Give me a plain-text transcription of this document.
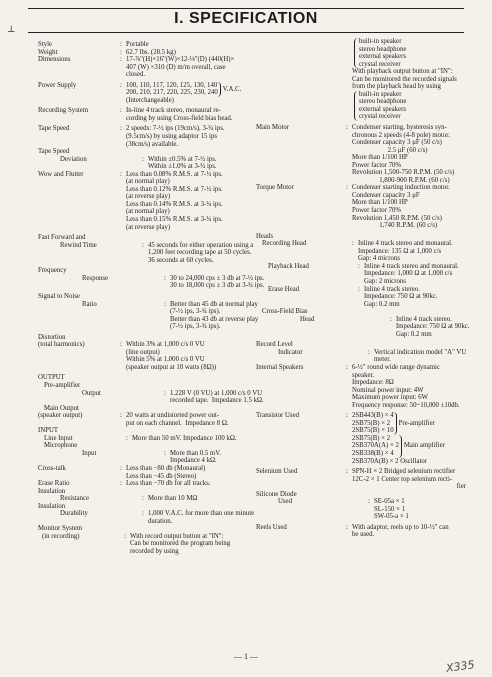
⊥
I. SPECIFICATION
Style	: Portable
Weight	: 62.7 lbs. (28.5 kg)
Dimensions	: 17-⅞"(H)×16"(W)×12-⅛"(D) (440(H)×
407 (W) ×310 (D) m/m overall, case
closed.
Power Supply	: 100, 110, 117, 120, 125, 130, 140
200, 210, 217, 220, 225, 230, 240
V.A.C.
(Interchangeable)
Recording System	: In-line 4 track stereo, monaural re-
cording by using Cross-field bias head.
Tape Speed	: 2 speeds: 7-½ ips (19cm/s), 3-¾ ips.
(9.5cm/s) by using adaptor 15 ips
(38cm/s) available.
Tape Speed
Deviation	: Within ±0.5% at 7-½ ips.
Within ±1.0% at 3-¾ ips.
Wow and Flutter	: Less than 0.08% R.M.S. at 7-½ ips.
(at normal play)
Less than 0.12% R.M.S. at 7-½ ips.
(at reverse play)
Less than 0.14% R.M.S. at 3-¾ ips.
(at normal play)
Less than 0.15% R.M.S. at 3-¾ ips.
(at reverse play)
Fast Forward and
Rewind Time	: 45 seconds for either operation using a
1,200 feet recording tape at 50 cycles.
36 seconds at 60 cycles.
Frequency
Response	: 30 to 24,000 cps ± 3 db at 7-½ ips.
30 to 18,000 cps ± 3 db at 3-¾ ips.
Signal to Noise
Ratio	: Better than 45 db at normal play
(7-½ ips, 3-¾ ips).
Better than 43 db at reverse play
(7-½ ips, 3-¾ ips).
Distortion
(total harmonics)	: Within 3% at 1,000 c/s 0 VU
(line output)
Within 5% at 1,000 c/s 0 VU
(speaker output at 10 watts (8Ω))
OUTPUT
Pre-amplifier
Output	: 1.228 V (0 VU) at 1,000 c/s 0 VU
recorded tape.  Impedance 1.5 kΩ.
Main Output
(speaker output)	: 20 watts at undistorted power out-
put on each channel.  Impedance 8 Ω.
INPUT
Line Input	: More than 50 mV. Impedance 100 kΩ.
Microphone
Input	: More than 0.5 mV. Impedance 4 kΩ.
Cross-talk	: Less than −80 db (Monaural)
Less than −45 db (Stereo)
Erase Ratio	: Less than −70 db for all tracks.
Insulation
Resistance	: More than 10 MΩ
Insulation
Durability	: 1,000 V.A.C. for more than one minute
duration.
Monitor System
(in recording)	: With record output button at "IN":
Can be monitored the program being
recorded by using
built-in speaker
stereo headphone
external speakers
crystal receiver
With playback output button at "IN":
Can be monitored the recorded signals
from the playback head by using
built-in speaker
stereo headphone
external speakers
crystal receiver
Main Motor	: Condenser starting, hysteresis syn-
chronous 2 speeds (4-8 pole) motor.
Condenser capacity 3 μF (50 c/s)
2.5 μF (60 c/s)
More than 1/100 HP
Power factor 70%
Revolution 1,500-750 R.P.M. (50 c/s)
1,800-900 R.P.M. (60 c/s)
Torque Motor	: Condenser starting induction motor.
Condenser capacity 3 μF
More than 1/100 HP
Power factor 70%
Revolution 1,450 R.P.M. (50 c/s)
1,740 R.P.M. (60 c/s)
Heads
Recording Head	: Inline 4 track stereo and monaural.
Impedance: 135 Ω at 1,000 c/s
Gap: 4 microns
Playback Head	: Inline 4 track stereo and monaural.
Impedance: 1,000 Ω at 1,000 c/s
Gap: 2 microns
Erase Head	: Inline 4 track stereo.
Impedance: 750 Ω at 90kc.
Gap: 0.2 mm
Cross-Field Bias
Head	: Inline 4 track stereo.
Impedance: 750 Ω at 90kc.
Gap: 0.2 mm
Record Level
Indicator	: Vertical indication model "A" VU
meter.
Internal Speakers	: 6-½" round wide range dynamic
speaker.
Impedance: 8Ω
Nominal power input: 4W
Maximum power input: 6W
Frequency response: 50~10,000 ±10db.
Transistor Used	: 2SB443(B) × 4
2SB75(B) × 2
2SB75(B) × 10
Pre-amplifier
2SB75(B) × 2
2SB370A(A) × 2
2SB338(B) × 4
Main amplifier
2SB370A(B) × 2 Oscillator
Selenium Used	: SPN-H × 2 Bridged selenium rectifier
12C-2 × 1 Center top selenium recti-
fier
Silicone Diode
Used	: SE-05a × 1
SL-150 × 1
SW-05-a × 1
Reels Used	: With adaptor, reels up to 10-½" can
be used.
— 1 —
X335
